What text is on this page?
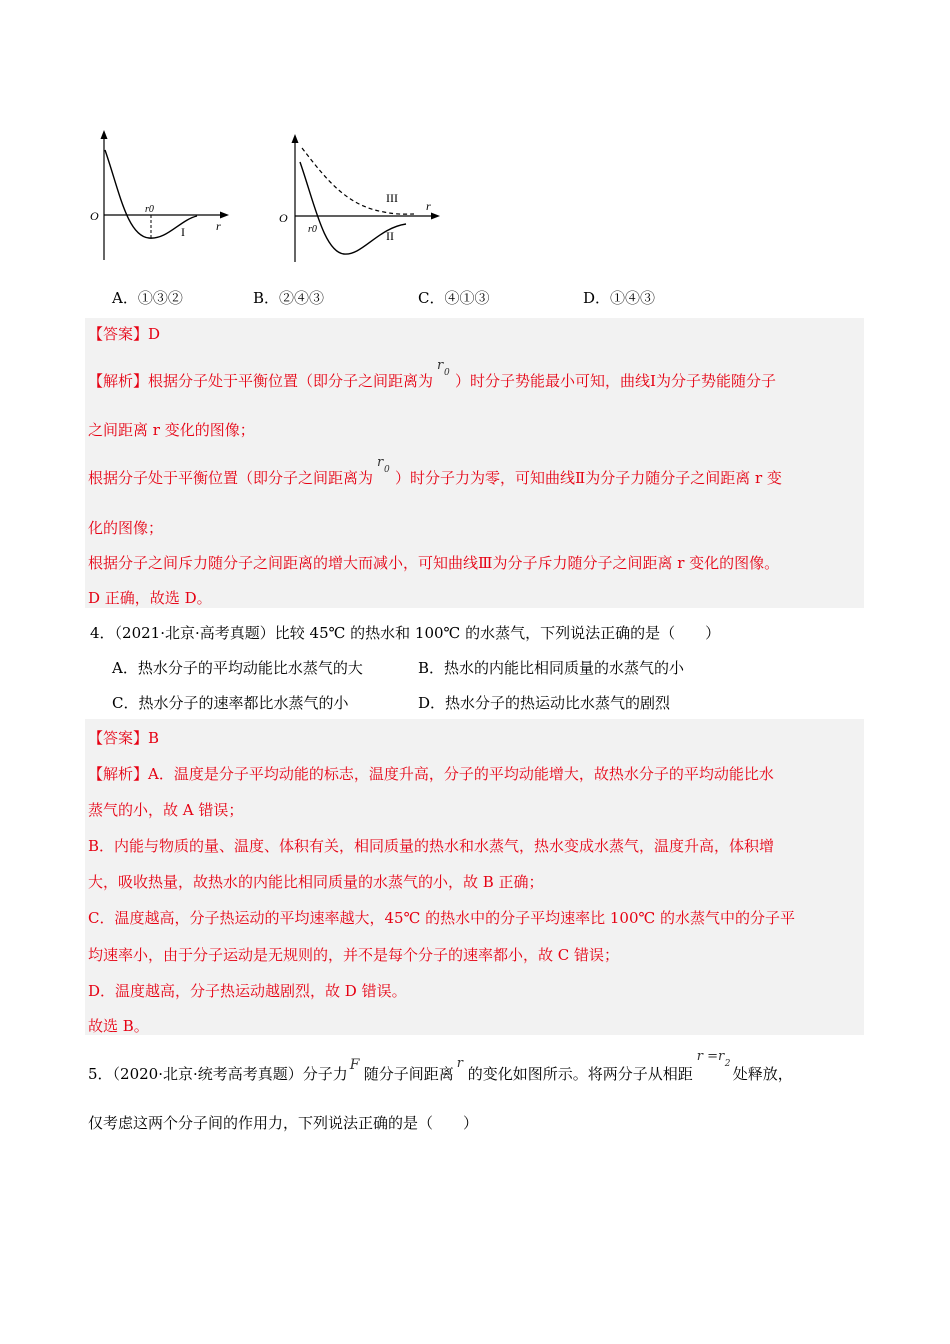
O
r
r0
I
O
r
r0
III
II
A．①③②	B．②④③	C．④①③	D．①④③
【答案】D
【解析】根据分子处于平衡位置（即分子之间距离为
r 0 ）时分子势能最小可知，曲线Ⅰ为分子势能随分子
之间距离 r 变化的图像；
根据分子处于平衡位置（即分子之间距离为
r 0 ）时分子力为零，可知曲线Ⅱ为分子力随分子之间距离 r 变
化的图像；
根据分子之间斥力随分子之间距离的增大而减小，可知曲线Ⅲ为分子斥力随分子之间距离 r 变化的图像。
D 正确，故选 D。
4．（2021·北京·高考真题）比较 45℃ 的热水和 100℃ 的水蒸气，下列说法正确的是（　　）
A．热水分子的平均动能比水蒸气的大	B．热水的内能比相同质量的水蒸气的小
C．热水分子的速率都比水蒸气的小	D．热水分子的热运动比水蒸气的剧烈
【答案】B
【解析】A．温度是分子平均动能的标志，温度升高，分子的平均动能增大，故热水分子的平均动能比水
蒸气的小，故 A 错误；
B．内能与物质的量、温度、体积有关，相同质量的热水和水蒸气，热水变成水蒸气，温度升高，体积增
大，吸收热量，故热水的内能比相同质量的水蒸气的小，故 B 正确；
C．温度越高，分子热运动的平均速率越大，45℃ 的热水中的分子平均速率比 100℃ 的水蒸气中的分子平
均速率小，由于分子运动是无规则的，并不是每个分子的速率都小，故 C 错误；
D．温度越高，分子热运动越剧烈，故 D 错误。
故选 B。
5．（2020·北京·统考高考真题）分子力 F 随分子间距离
r
的变化如图所示。将两分子从相距
r =r 2
处释放，
仅考虑这两个分子间的作用力，下列说法正确的是（　　）
